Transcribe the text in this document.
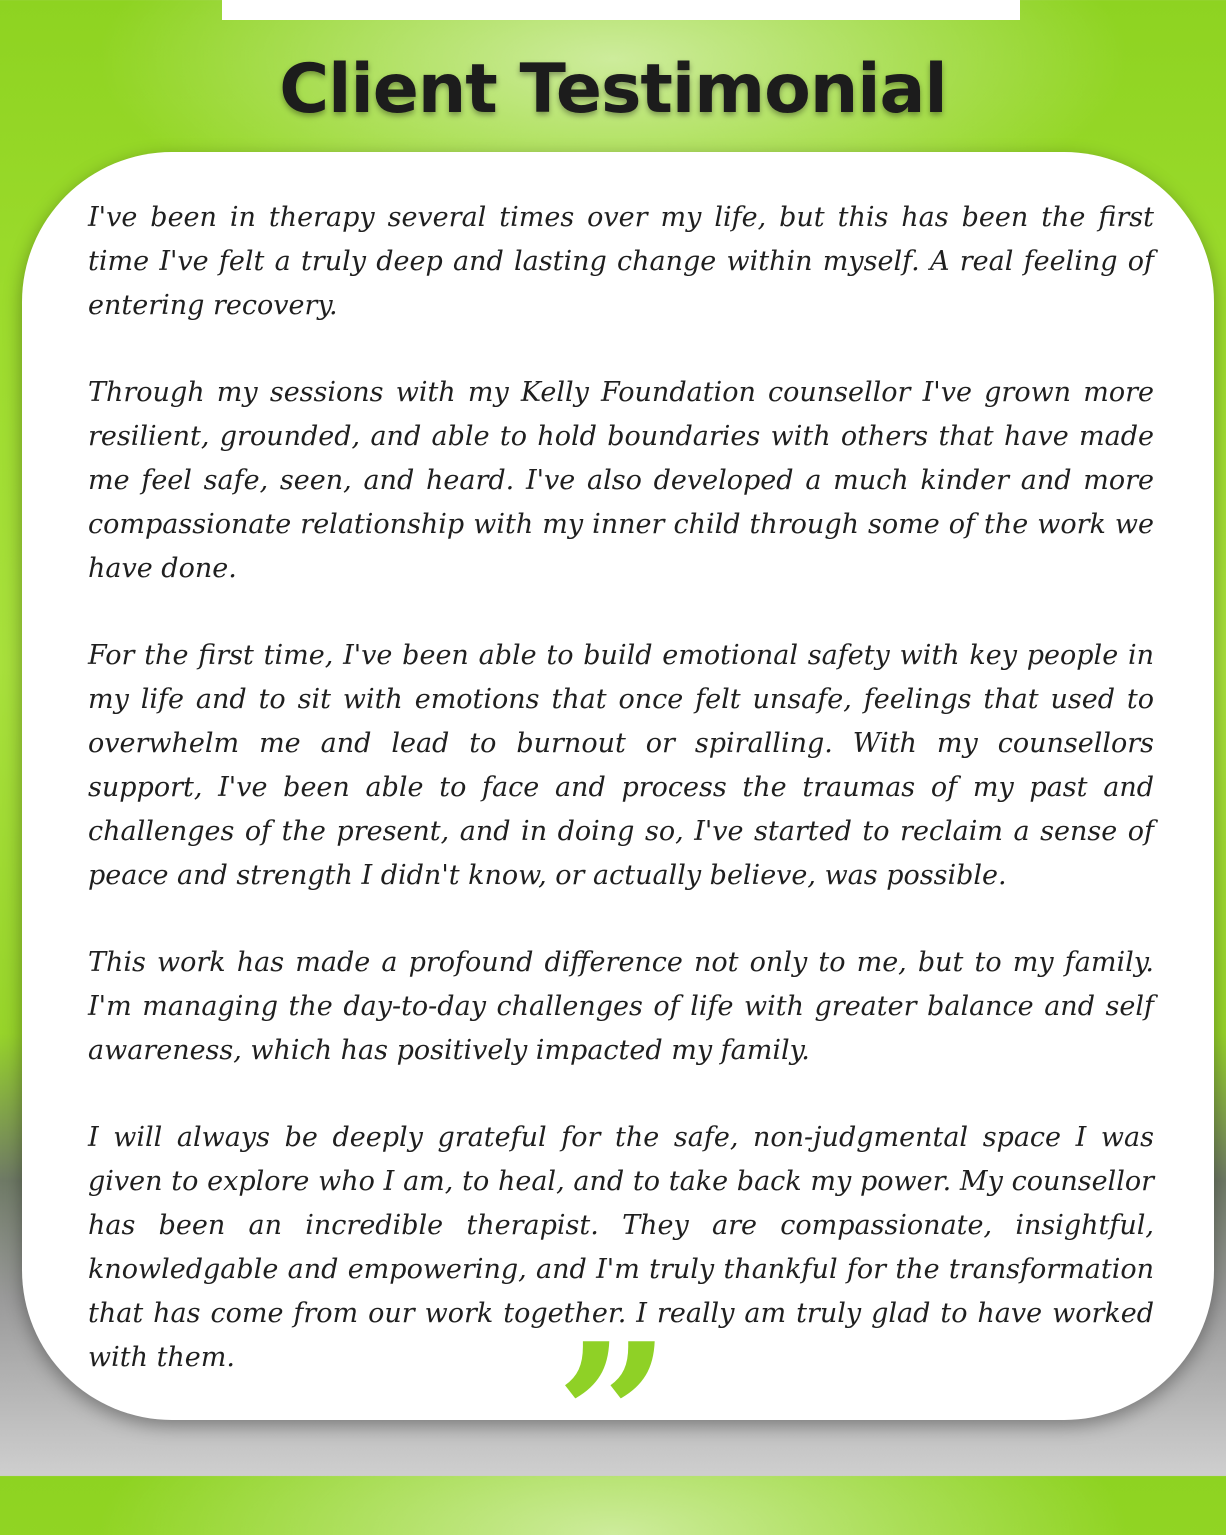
Client Testimonial

I've been in therapy several times over my life, but this has been the first time I've felt a truly deep and lasting change within myself. A real feeling of entering recovery.

Through my sessions with my Kelly Foundation counsellor I've grown more resilient, grounded, and able to hold boundaries with others that have made me feel safe, seen, and heard. I've also developed a much kinder and more compassionate relationship with my inner child through some of the work we have done.

For the first time, I've been able to build emotional safety with key people in my life and to sit with emotions that once felt unsafe, feelings that used to overwhelm me and lead to burnout or spiralling. With my counsellors support, I've been able to face and process the traumas of my past and challenges of the present, and in doing so, I've started to reclaim a sense of peace and strength I didn't know, or actually believe, was possible.

This work has made a profound difference not only to me, but to my family. I'm managing the day-to-day challenges of life with greater balance and self awareness, which has positively impacted my family.

I will always be deeply grateful for the safe, non-judgmental space I was given to explore who I am, to heal, and to take back my power. My counsellor has been an incredible therapist. They are compassionate, insightful, knowledgable and empowering, and I'm truly thankful for the transformation that has come from our work together. I really am truly glad to have worked with them.	”
